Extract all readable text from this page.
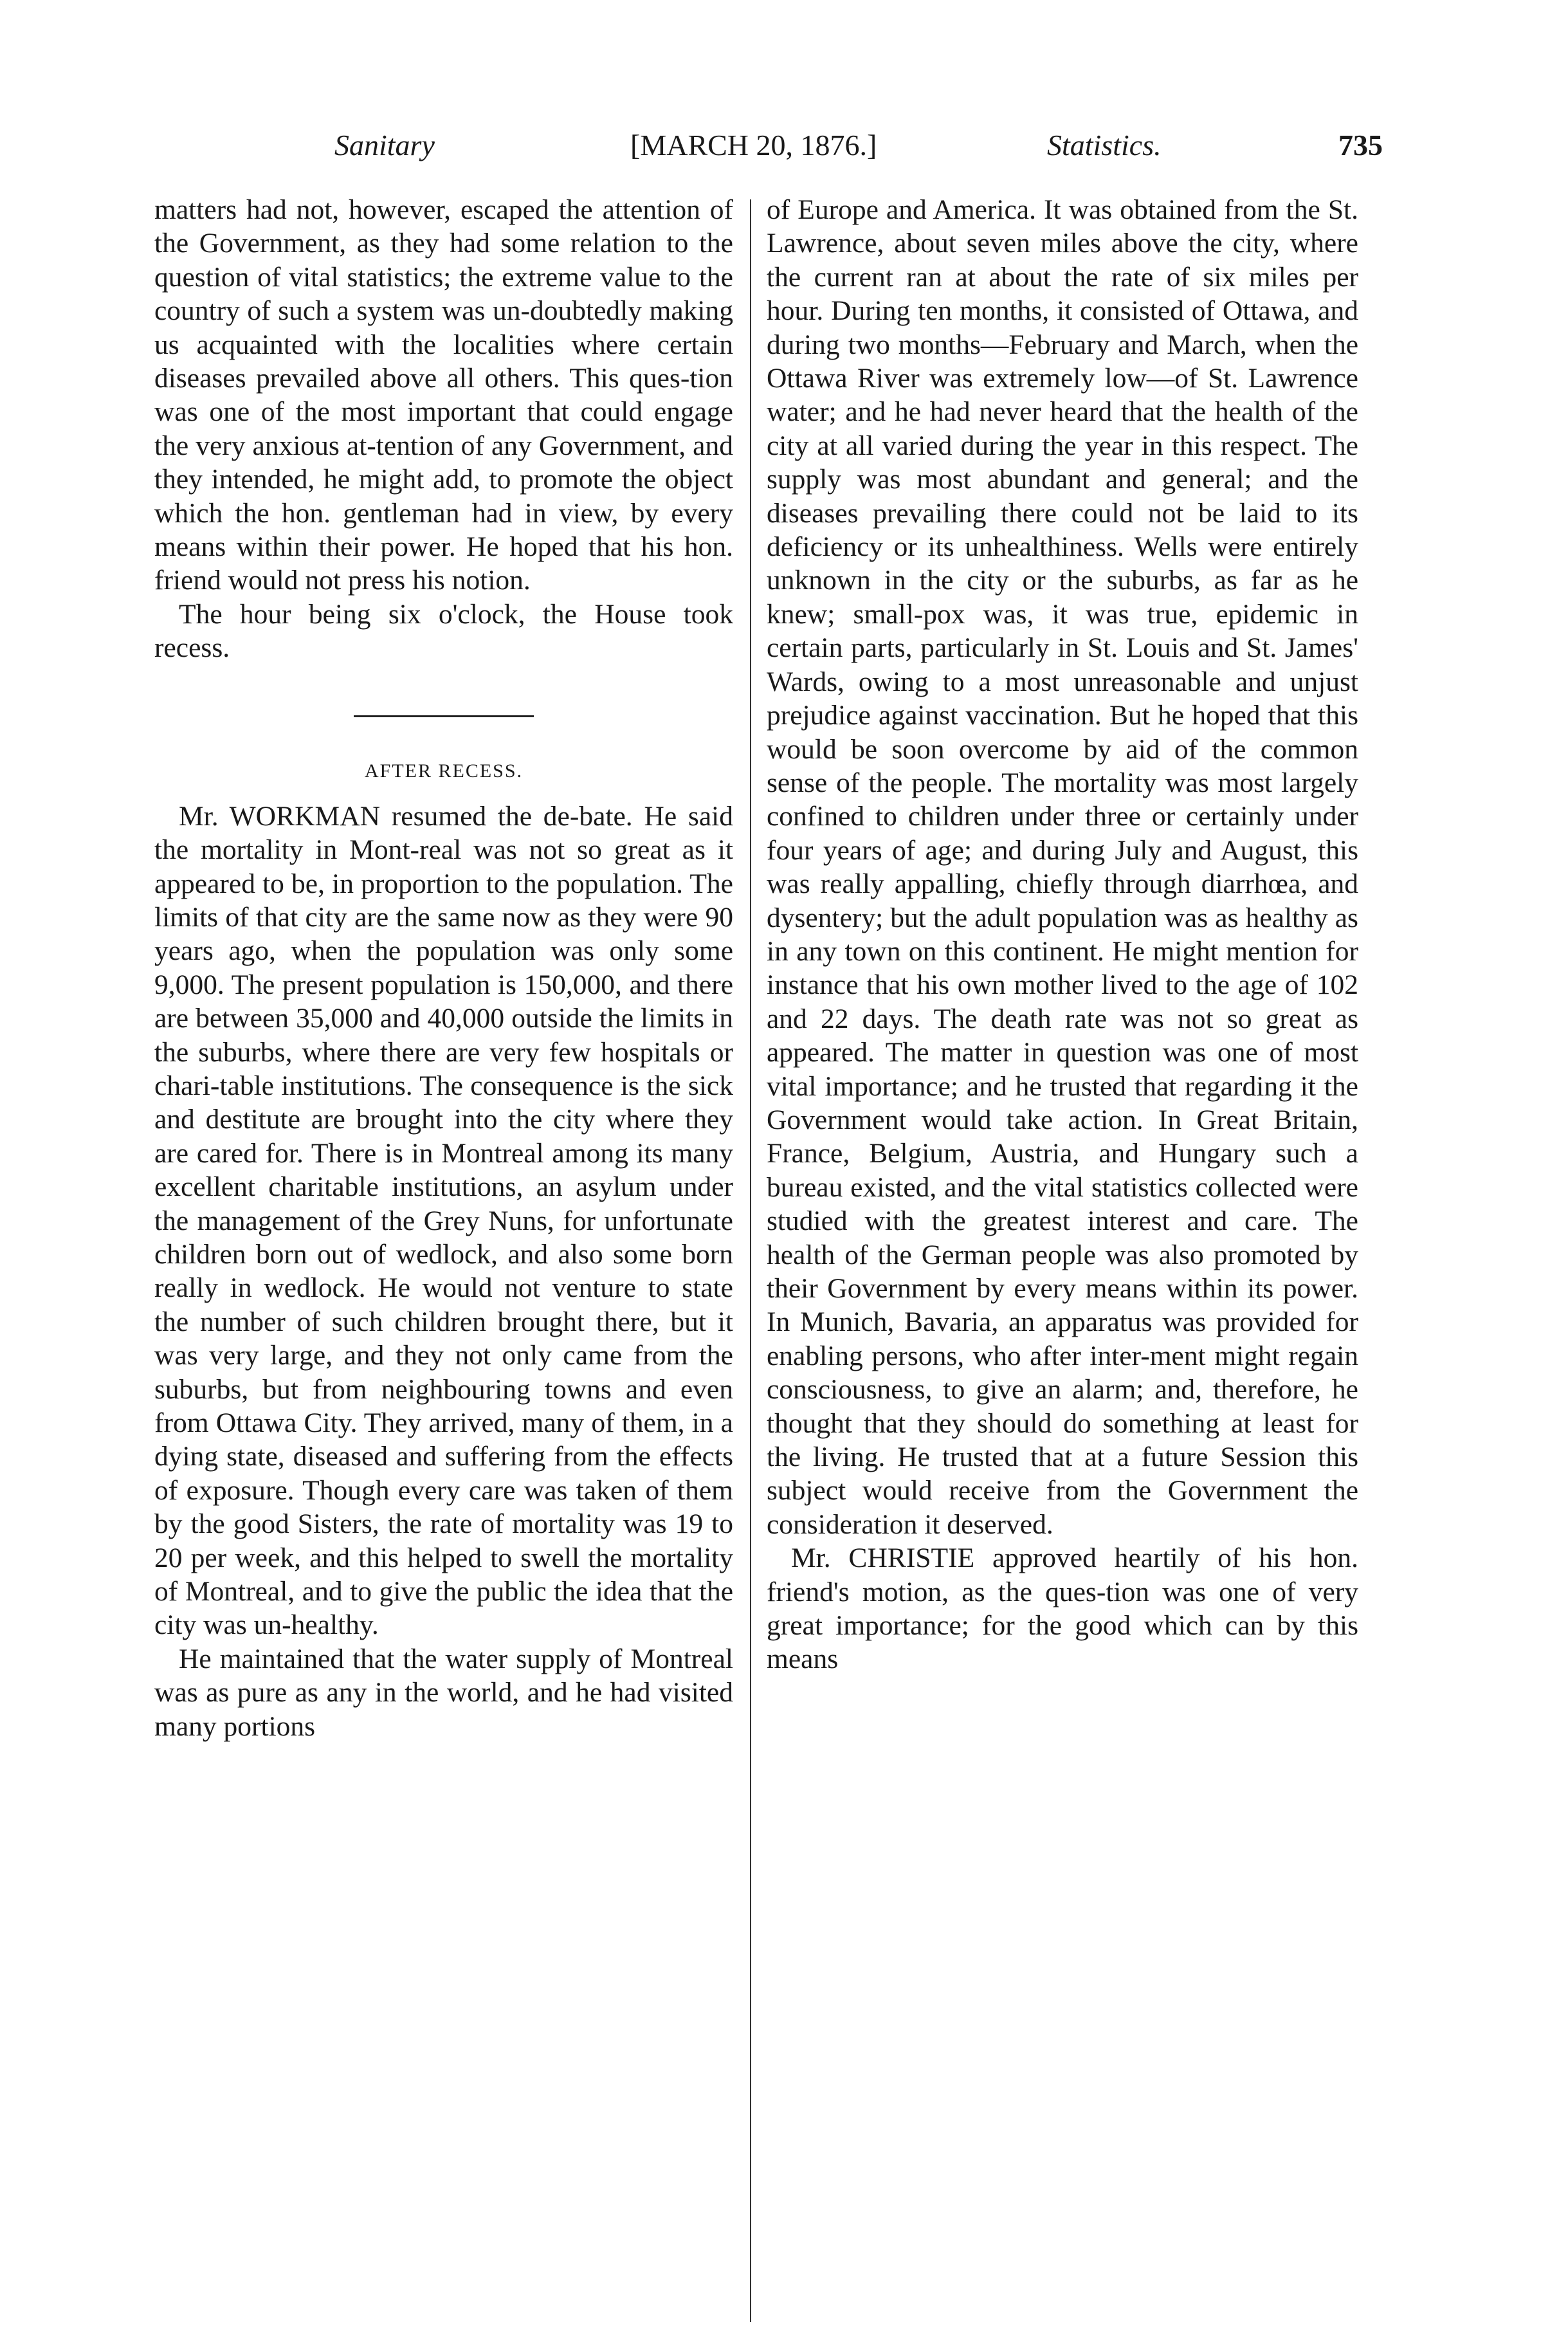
Sanitary	[MARCH 20, 1876.]	Statistics.	735

matters had not, however, escaped the attention of the Government, as they had some relation to the question of vital statistics; the extreme value to the country of such a system was un-doubtedly making us acquainted with the localities where certain diseases prevailed above all others. This ques-tion was one of the most important that could engage the very anxious at-tention of any Government, and they intended, he might add, to promote the object which the hon. gentleman had in view, by every means within their power. He hoped that his hon. friend would not press his notion.

The hour being six o'clock, the House took recess.

AFTER RECESS.

Mr. WORKMAN resumed the de-bate. He said the mortality in Mont-real was not so great as it appeared to be, in proportion to the population. The limits of that city are the same now as they were 90 years ago, when the population was only some 9,000. The present population is 150,000, and there are between 35,000 and 40,000 outside the limits in the suburbs, where there are very few hospitals or chari-table institutions. The consequence is the sick and destitute are brought into the city where they are cared for. There is in Montreal among its many excellent charitable institutions, an asylum under the management of the Grey Nuns, for unfortunate children born out of wedlock, and also some born really in wedlock. He would not venture to state the number of such children brought there, but it was very large, and they not only came from the suburbs, but from neighbouring towns and even from Ottawa City. They arrived, many of them, in a dying state, diseased and suffering from the effects of exposure. Though every care was taken of them by the good Sisters, the rate of mortality was 19 to 20 per week, and this helped to swell the mortality of Montreal, and to give the public the idea that the city was un-healthy.

He maintained that the water supply of Montreal was as pure as any in the world, and he had visited many portions

of Europe and America. It was obtained from the St. Lawrence, about seven miles above the city, where the current ran at about the rate of six miles per hour. During ten months, it consisted of Ottawa, and during two months—February and March, when the Ottawa River was extremely low—of St. Lawrence water; and he had never heard that the health of the city at all varied during the year in this respect. The supply was most abundant and general; and the diseases prevailing there could not be laid to its deficiency or its unhealthiness. Wells were entirely unknown in the city or the suburbs, as far as he knew; small-pox was, it was true, epidemic in certain parts, particularly in St. Louis and St. James' Wards, owing to a most unreasonable and unjust prejudice against vaccination. But he hoped that this would be soon overcome by aid of the common sense of the people. The mortality was most largely confined to children under three or certainly under four years of age; and during July and August, this was really appalling, chiefly through diarrhœa, and dysentery; but the adult population was as healthy as in any town on this continent. He might mention for instance that his own mother lived to the age of 102 and 22 days. The death rate was not so great as appeared. The matter in question was one of most vital importance; and he trusted that regarding it the Government would take action. In Great Britain, France, Belgium, Austria, and Hungary such a bureau existed, and the vital statistics collected were studied with the greatest interest and care. The health of the German people was also promoted by their Government by every means within its power. In Munich, Bavaria, an apparatus was provided for enabling persons, who after inter-ment might regain consciousness, to give an alarm; and, therefore, he thought that they should do something at least for the living. He trusted that at a future Session this subject would receive from the Government the consideration it deserved.

Mr. CHRISTIE approved heartily of his hon. friend's motion, as the ques-tion was one of very great importance; for the good which can by this means
